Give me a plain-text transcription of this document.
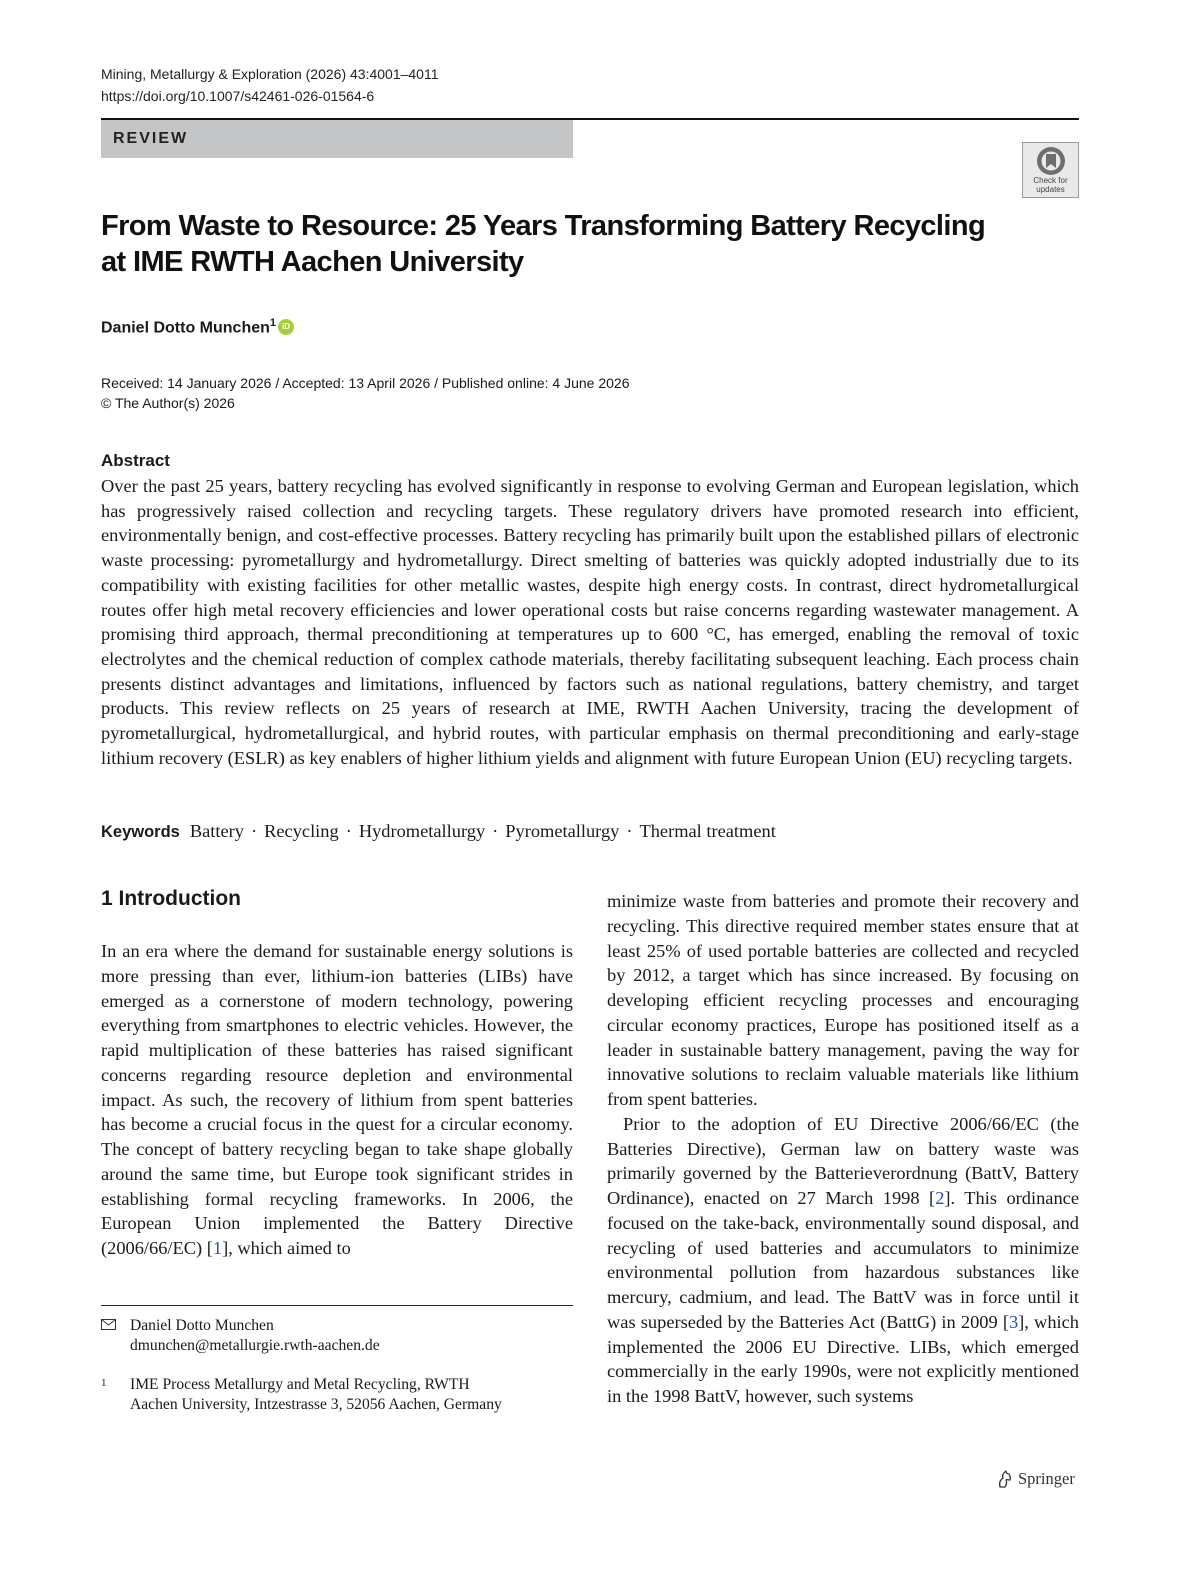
Mining, Metallurgy & Exploration (2026) 43:4001–4011
https://doi.org/10.1007/s42461-026-01564-6
REVIEW
Check for
updates
From Waste to Resource: 25 Years Transforming Battery Recycling at IME RWTH Aachen University
Daniel Dotto Munchen$^1$ iD
Received: 14 January 2026 / Accepted: 13 April 2026 / Published online: 4 June 2026
© The Author(s) 2026
Abstract

Over the past 25 years, battery recycling has evolved significantly in response to evolving German and European legislation, which has progressively raised collection and recycling targets. These regulatory drivers have promoted research into efficient, environmentally benign, and cost-effective processes. Battery recycling has primarily built upon the established pillars of electronic waste processing: pyrometallurgy and hydrometallurgy. Direct smelting of batteries was quickly adopted industrially due to its compatibility with existing facilities for other metallic wastes, despite high energy costs. In contrast, direct hydrometallurgical routes offer high metal recovery efficiencies and lower operational costs but raise concerns regarding wastewater management. A promising third approach, thermal preconditioning at temperatures up to 600 °C, has emerged, enabling the removal of toxic electrolytes and the chemical reduction of complex cathode materials, thereby facilitating subsequent leaching. Each process chain presents distinct advantages and limitations, influenced by factors such as national regulations, battery chemistry, and target products. This review reflects on 25 years of research at IME, RWTH Aachen University, tracing the development of pyrometallurgical, hydrometallurgical, and hybrid routes, with particular emphasis on thermal preconditioning and early-stage lithium recovery (ESLR) as key enablers of higher lithium yields and alignment with future European Union (EU) recycling targets.

Keywords Battery · Recycling · Hydrometallurgy · Pyrometallurgy · Thermal treatment
1 Introduction

In an era where the demand for sustainable energy solutions is more pressing than ever, lithium-ion batteries (LIBs) have emerged as a cornerstone of modern technology, powering everything from smartphones to electric vehicles. However, the rapid multiplication of these batteries has raised significant concerns regarding resource depletion and environmental impact. As such, the recovery of lithium from spent batteries has become a crucial focus in the quest for a circular economy. The concept of battery recycling began to take shape globally around the same time, but Europe took significant strides in establishing formal recycling frameworks. In 2006, the European Union implemented the Battery Directive (2006/66/EC) [1], which aimed to

minimize waste from batteries and promote their recovery and recycling. This directive required member states ensure that at least 25% of used portable batteries are collected and recycled by 2012, a target which has since increased. By focusing on developing efficient recycling processes and encouraging circular economy practices, Europe has positioned itself as a leader in sustainable battery management, paving the way for innovative solutions to reclaim valuable materials like lithium from spent batteries.

Prior to the adoption of EU Directive 2006/66/EC (the Batteries Directive), German law on battery waste was primarily governed by the Batterieverordnung (BattV, Battery Ordinance), enacted on 27 March 1998 [2]. This ordinance focused on the take-back, environmentally sound disposal, and recycling of used batteries and accumulators to minimize environmental pollution from hazardous substances like mercury, cadmium, and lead. The BattV was in force until it was superseded by the Batteries Act (BattG) in 2009 [3], which implemented the 2006 EU Directive. LIBs, which emerged commercially in the early 1990s, were not explicitly mentioned in the 1998 BattV, however, such systems

Daniel Dotto Munchen
dmunchen@metallurgie.rwth-aachen.de
1	IME Process Metallurgy and Metal Recycling, RWTH
Aachen University, Intzestrasse 3, 52056 Aachen, Germany
Springer
